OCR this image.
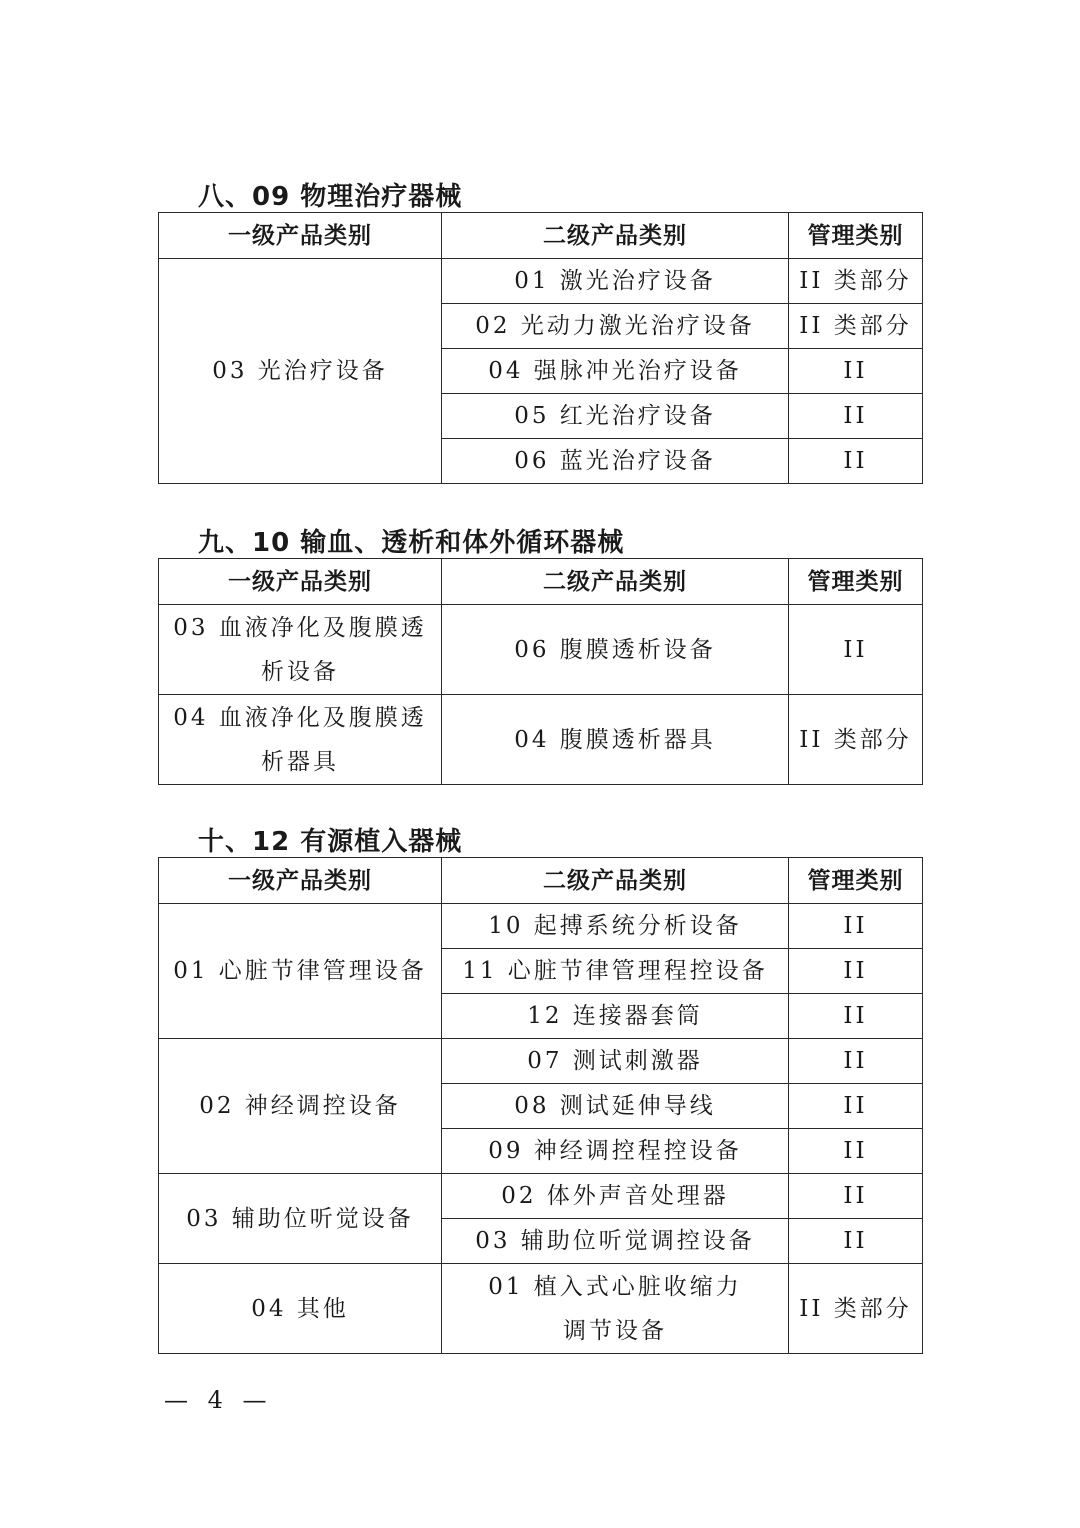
八、09 物理治疗器械
一级产品类别	二级产品类别	管理类别
03 光治疗设备	01 激光治疗设备	II 类部分
	02 光动力激光治疗设备	II 类部分
	04 强脉冲光治疗设备	II
	05 红光治疗设备	II
	06 蓝光治疗设备	II
九、10 输血、透析和体外循环器械
一级产品类别	二级产品类别	管理类别
03 血液净化及腹膜透析设备	06 腹膜透析设备	II
04 血液净化及腹膜透析器具	04 腹膜透析器具	II 类部分
十、12 有源植入器械
一级产品类别	二级产品类别	管理类别
01 心脏节律管理设备	10 起搏系统分析设备	II
	11 心脏节律管理程控设备	II
	12 连接器套筒	II
02 神经调控设备	07 测试刺激器	II
	08 测试延伸导线	II
	09 神经调控程控设备	II
03 辅助位听觉设备	02 体外声音处理器	II
	03 辅助位听觉调控设备	II
04 其他	01 植入式心脏收缩力调节设备	II 类部分
— 4 —
